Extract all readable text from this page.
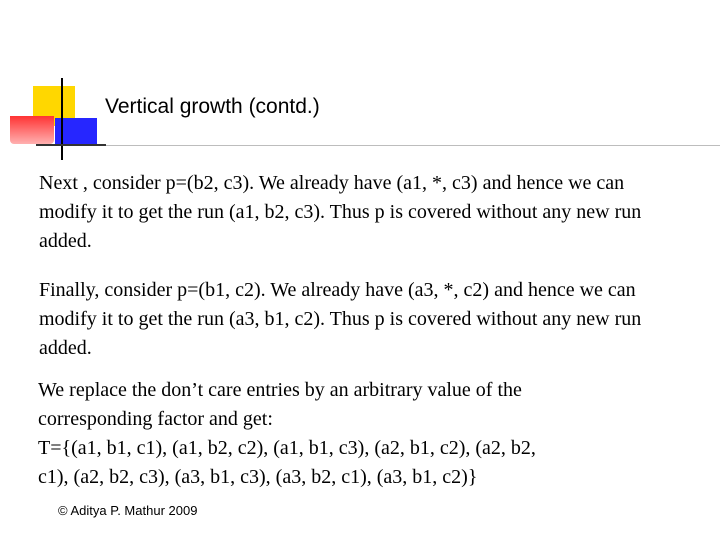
Vertical growth (contd.)

Next , consider p=(b2, c3). We already have (a1, *, c3) and hence we can modify it to get the run (a1, b2, c3). Thus p is covered without any new run added.

Finally, consider p=(b1, c2). We already have (a3, *, c2) and hence we can modify it to get the run (a3, b1, c2). Thus p is covered without any new run added.

We replace the don’t care entries by an arbitrary value of the
corresponding factor and get:
T={(a1, b1, c1), (a1, b2, c2), (a1, b1, c3), (a2, b1, c2), (a2, b2,
c1), (a2, b2, c3), (a3, b1, c3), (a3, b2, c1), (a3, b1, c2)}

© Aditya P. Mathur 2009
